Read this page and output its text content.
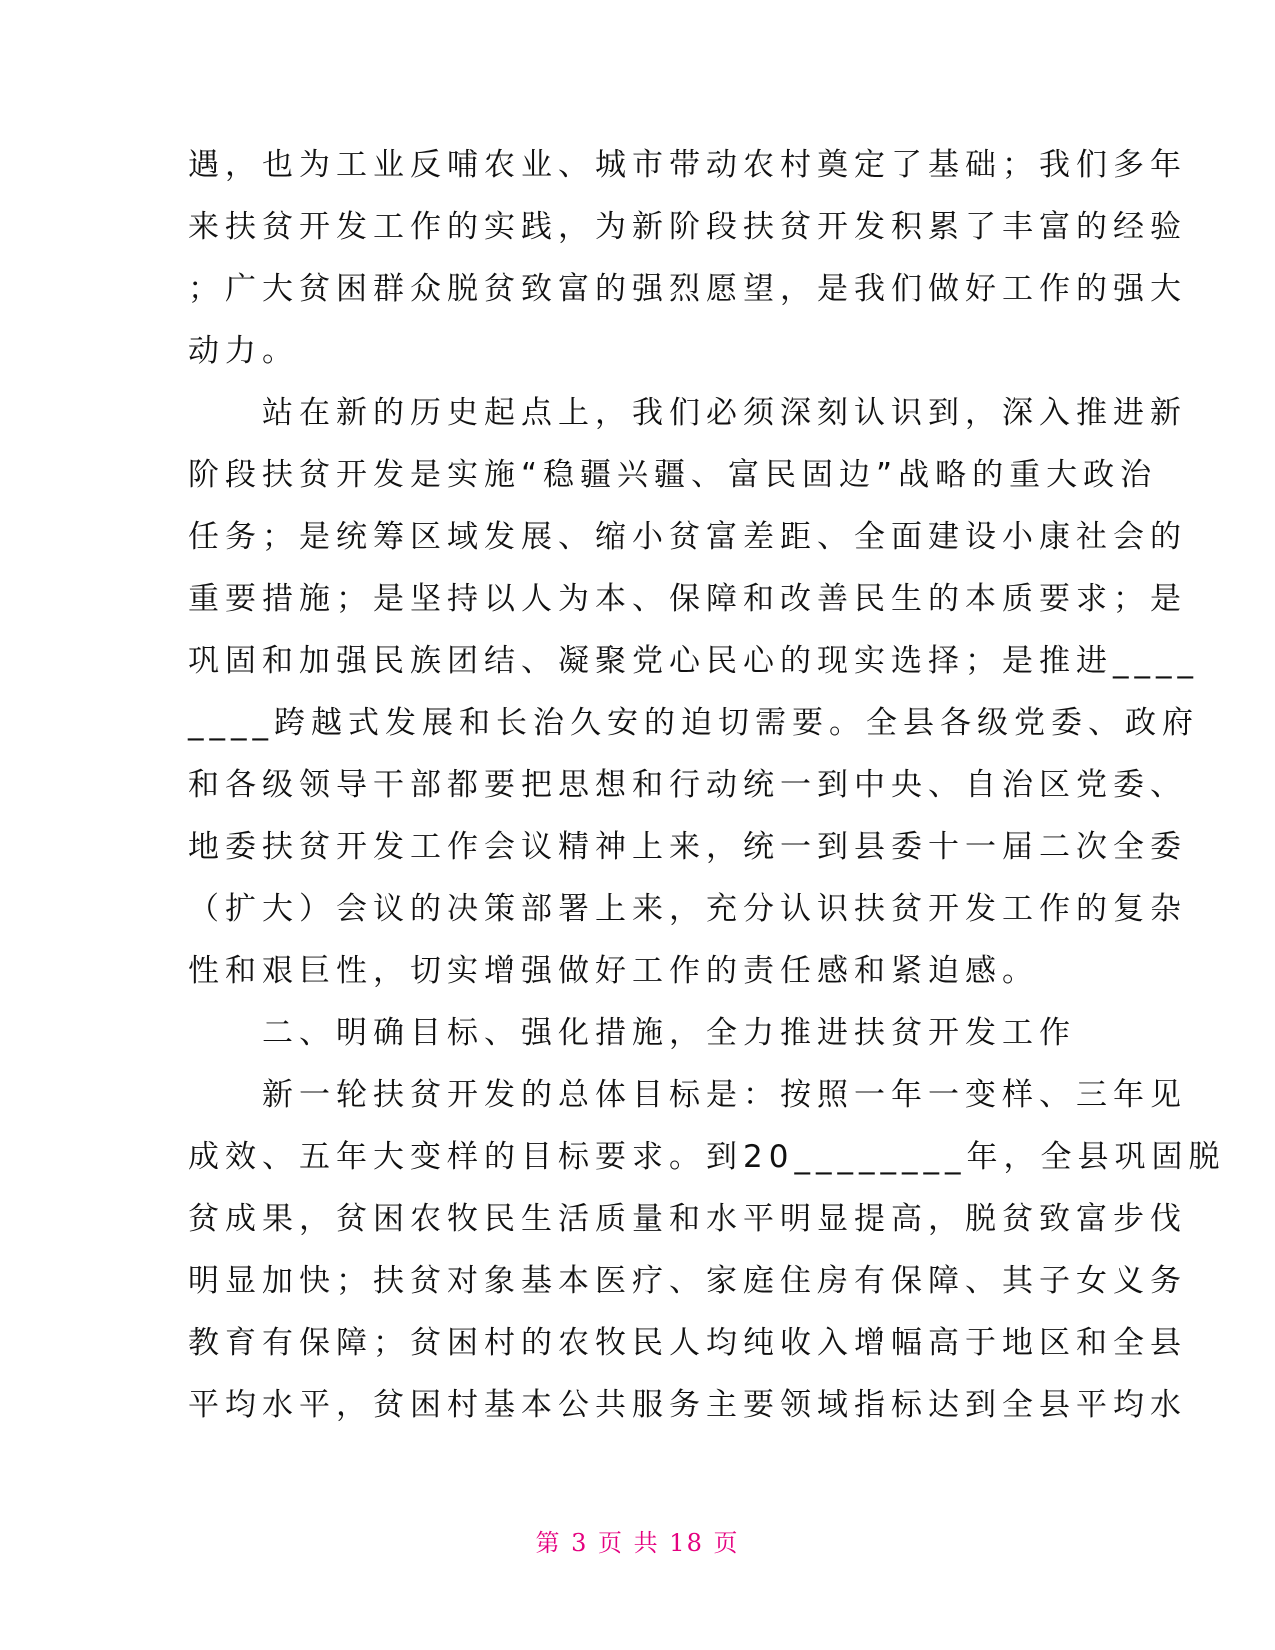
遇，也为工业反哺农业、城市带动农村奠定了基础；我们多年
来扶贫开发工作的实践，为新阶段扶贫开发积累了丰富的经验
；广大贫困群众脱贫致富的强烈愿望，是我们做好工作的强大
动力。
　　站在新的历史起点上，我们必须深刻认识到，深入推进新
阶段扶贫开发是实施“稳疆兴疆、富民固边”战略的重大政治
任务；是统筹区域发展、缩小贫富差距、全面建设小康社会的
重要措施；是坚持以人为本、保障和改善民生的本质要求；是
巩固和加强民族团结、凝聚党心民心的现实选择；是推进____
____跨越式发展和长治久安的迫切需要。全县各级党委、政府
和各级领导干部都要把思想和行动统一到中央、自治区党委、
地委扶贫开发工作会议精神上来，统一到县委十一届二次全委
（扩大）会议的决策部署上来，充分认识扶贫开发工作的复杂
性和艰巨性，切实增强做好工作的责任感和紧迫感。
　　二、明确目标、强化措施，全力推进扶贫开发工作
　　新一轮扶贫开发的总体目标是：按照一年一变样、三年见
成效、五年大变样的目标要求。到20________年，全县巩固脱
贫成果，贫困农牧民生活质量和水平明显提高，脱贫致富步伐
明显加快；扶贫对象基本医疗、家庭住房有保障、其子女义务
教育有保障；贫困村的农牧民人均纯收入增幅高于地区和全县
平均水平，贫困村基本公共服务主要领域指标达到全县平均水
第 3 页 共 18 页
